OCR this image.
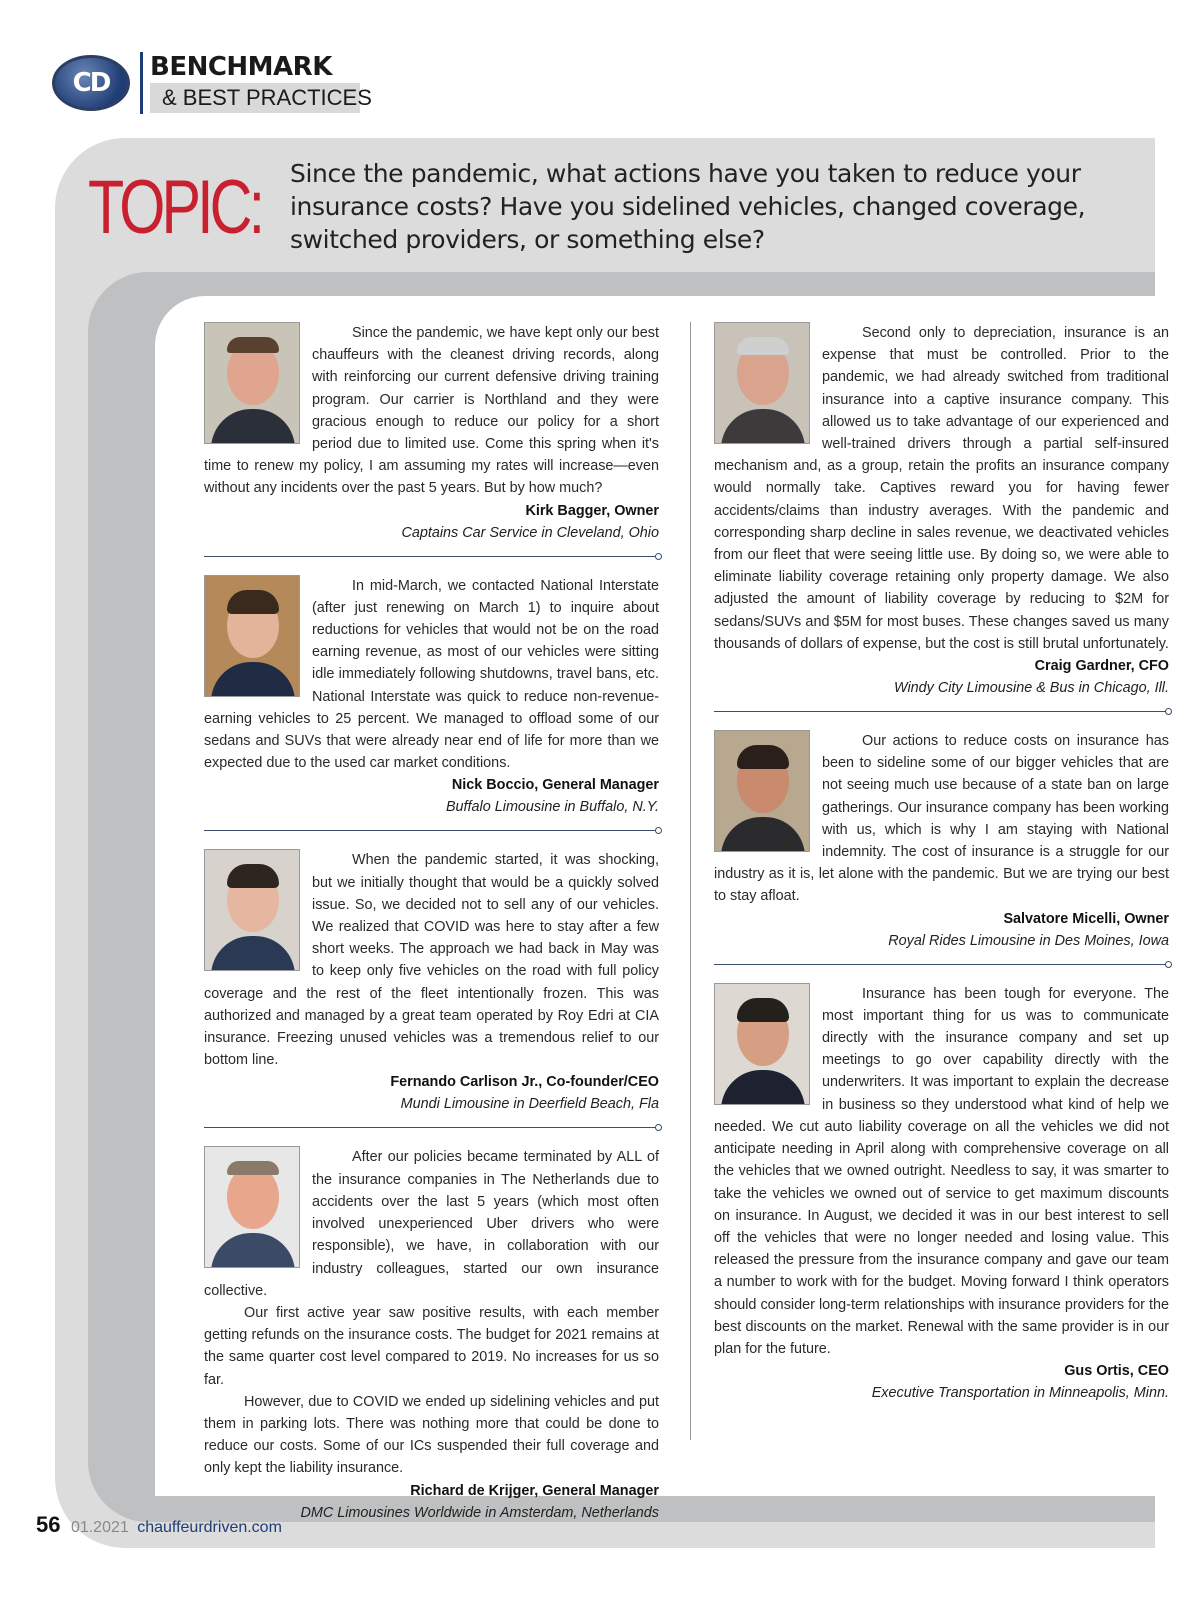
CD
BENCHMARK
& BEST PRACTICES
TOPIC: Since the pandemic, what actions have you taken to reduce your insurance costs? Have you sidelined vehicles, changed coverage, switched providers, or something else?

Since the pandemic, we have kept only our best chauffeurs with the cleanest driving records, along with reinforcing our current defensive driving training program. Our carrier is Northland and they were gracious enough to reduce our policy for a short period due to limited use. Come this spring when it's time to renew my policy, I am assuming my rates will increase—even without any incidents over the past 5 years. But by how much?

Kirk Bagger, Owner
Captains Car Service in Cleveland, Ohio

In mid-March, we contacted National Interstate (after just renewing on March 1) to inquire about reductions for vehicles that would not be on the road earning revenue, as most of our vehicles were sitting idle immediately following shutdowns, travel bans, etc. National Interstate was quick to reduce non-revenue-earning vehicles to 25 percent. We managed to offload some of our sedans and SUVs that were already near end of life for more than we expected due to the used car market conditions.

Nick Boccio, General Manager
Buffalo Limousine in Buffalo, N.Y.

When the pandemic started, it was shocking, but we initially thought that would be a quickly solved issue. So, we decided not to sell any of our vehicles. We realized that COVID was here to stay after a few short weeks. The approach we had back in May was to keep only five vehicles on the road with full policy coverage and the rest of the fleet intentionally frozen. This was authorized and managed by a great team operated by Roy Edri at CIA insurance. Freezing unused vehicles was a tremendous relief to our bottom line.

Fernando Carlison Jr., Co-founder/CEO
Mundi Limousine in Deerfield Beach, Fla

After our policies became terminated by ALL of the insurance companies in The Netherlands due to accidents over the last 5 years (which most often involved unexperienced Uber drivers who were responsible), we have, in collaboration with our industry colleagues, started our own insurance collective.

Our first active year saw positive results, with each member getting refunds on the insurance costs. The budget for 2021 remains at the same quarter cost level compared to 2019. No increases for us so far.

However, due to COVID we ended up sidelining vehicles and put them in parking lots. There was nothing more that could be done to reduce our costs. Some of our ICs suspended their full coverage and only kept the liability insurance.

Richard de Krijger, General Manager
DMC Limousines Worldwide in Amsterdam, Netherlands

Second only to depreciation, insurance is an expense that must be controlled. Prior to the pandemic, we had already switched from traditional insurance into a captive insurance company. This allowed us to take advantage of our experienced and well-trained drivers through a partial self-insured mechanism and, as a group, retain the profits an insurance company would normally take. Captives reward you for having fewer accidents/claims than industry averages. With the pandemic and corresponding sharp decline in sales revenue, we deactivated vehicles from our fleet that were seeing little use. By doing so, we were able to eliminate liability coverage retaining only property damage. We also adjusted the amount of liability coverage by reducing to $2M for sedans/SUVs and $5M for most buses. These changes saved us many thousands of dollars of expense, but the cost is still brutal unfortunately.

Craig Gardner, CFO
Windy City Limousine & Bus in Chicago, Ill.

Our actions to reduce costs on insurance has been to sideline some of our bigger vehicles that are not seeing much use because of a state ban on large gatherings. Our insurance company has been working with us, which is why I am staying with National indemnity. The cost of insurance is a struggle for our industry as it is, let alone with the pandemic. But we are trying our best to stay afloat.

Salvatore Micelli, Owner
Royal Rides Limousine in Des Moines, Iowa

Insurance has been tough for everyone. The most important thing for us was to communicate directly with the insurance company and set up meetings to go over capability directly with the underwriters. It was important to explain the decrease in business so they understood what kind of help we needed. We cut auto liability coverage on all the vehicles we did not anticipate needing in April along with comprehensive coverage on all the vehicles that we owned outright. Needless to say, it was smarter to take the vehicles we owned out of service to get maximum discounts on insurance. In August, we decided it was in our best interest to sell off the vehicles that were no longer needed and losing value. This released the pressure from the insurance company and gave our team a number to work with for the budget. Moving forward I think operators should consider long-term relationships with insurance providers for the best discounts on the market. Renewal with the same provider is in our plan for the future.

Gus Ortis, CEO
Executive Transportation in Minneapolis, Minn.
56 01.2021 chauffeurdriven.com
